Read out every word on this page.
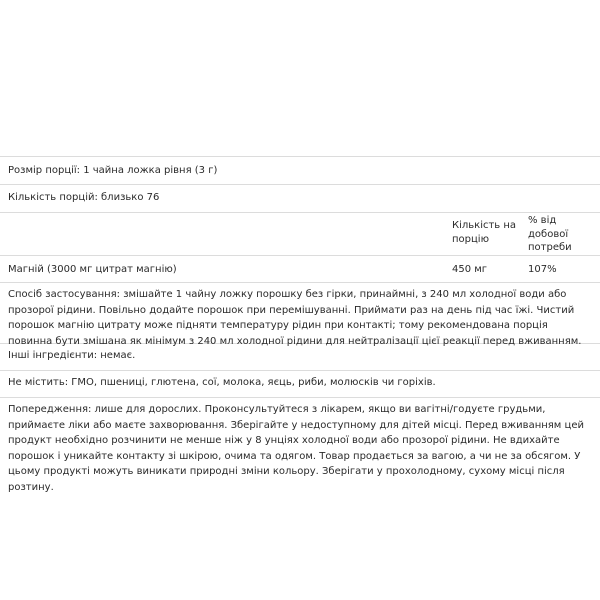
Розмір порції: 1 чайна ложка рівня (3 г)
Кількість порцій: близько 76
Кількість на порцію
% від добової потреби
Магній (3000 мг цитрат магнію)	450 мг	107%
Спосіб застосування: змішайте 1 чайну ложку порошку без гірки, принаймні, з 240 мл холодної води або прозорої рідини. Повільно додайте порошок при перемішуванні. Приймати раз на день під час їжі. Чистий порошок магнію цитрату може підняти температуру рідин при контакті; тому рекомендована порція повинна бути змішана як мінімум з 240 мл холодної рідини для нейтралізації цієї реакції перед вживанням.
Інші інгредієнти: немає.
Не містить: ГМО, пшениці, глютена, сої, молока, яєць, риби, молюсків чи горіхів.
Попередження: лише для дорослих. Проконсультуйтеся з лікарем, якщо ви вагітні/годуєте грудьми, приймаєте ліки або маєте захворювання. Зберігайте у недоступному для дітей місці. Перед вживанням цей продукт необхідно розчинити не менше ніж у 8 унціях холодної води або прозорої рідини. Не вдихайте порошок і уникайте контакту зі шкірою, очима та одягом. Товар продається за вагою, а чи не за обсягом. У цьому продукті можуть виникати природні зміни кольору. Зберігати у прохолодному, сухому місці після розтину.
